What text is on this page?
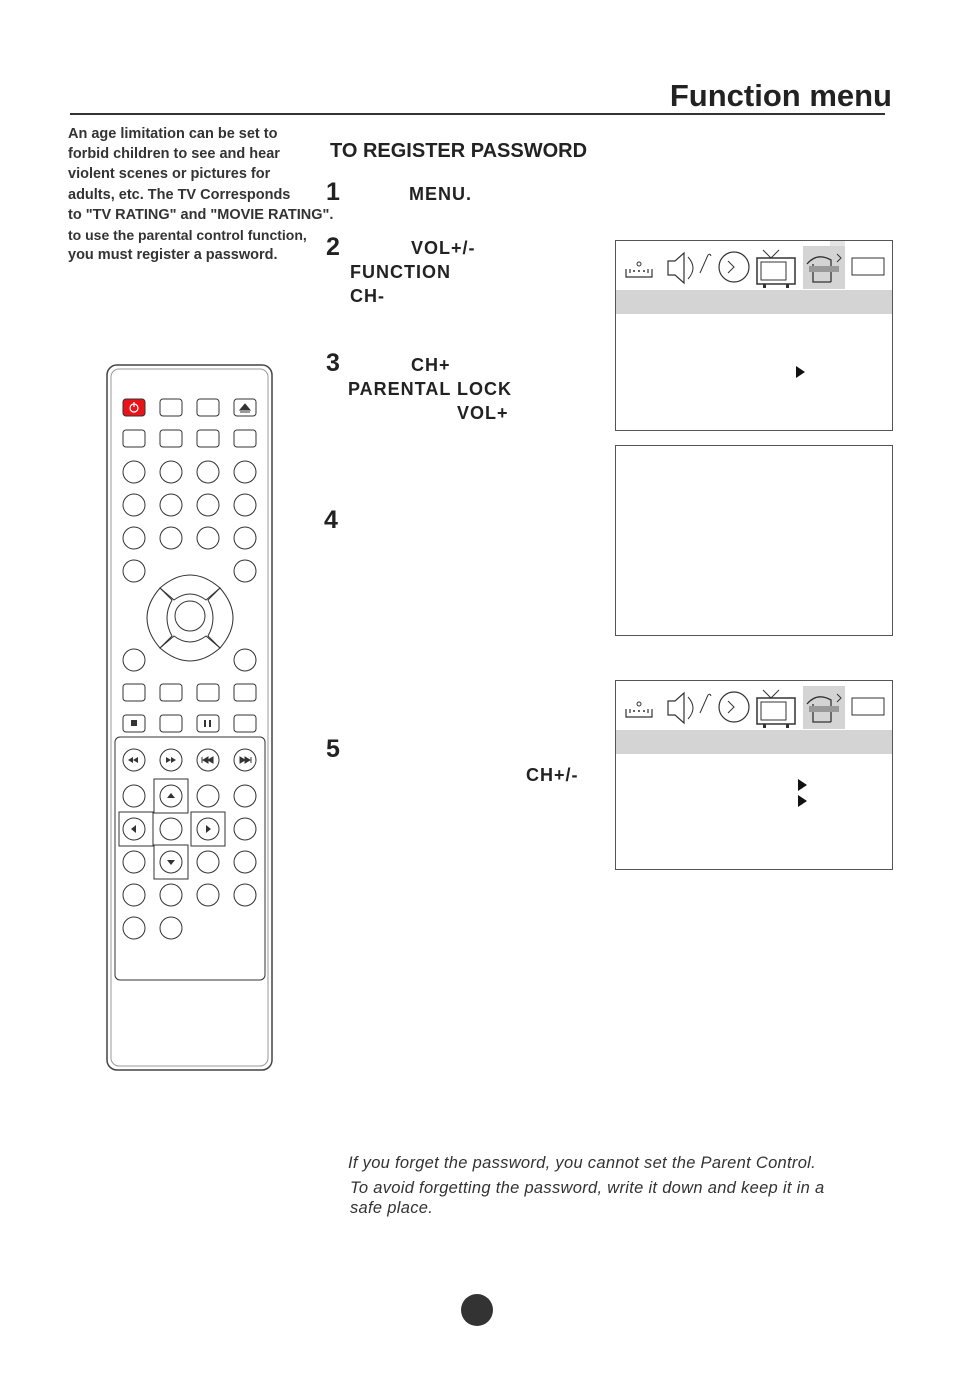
Function menu
An age limitation can be set to
forbid children to see and hear
violent scenes or pictures for
adults, etc. The TV Corresponds
to "TV RATING" and "MOVIE RATING".
to use the parental control function,
you must register a password.
TO REGISTER PASSWORD
1	MENU.
2	VOL+/-
FUNCTION
CH-
3	CH+
PARENTAL LOCK
VOL+
4
5
CH+/-
If you forget the password, you cannot set the Parent Control.
To avoid forgetting the password, write it down and keep it in a
safe place.
